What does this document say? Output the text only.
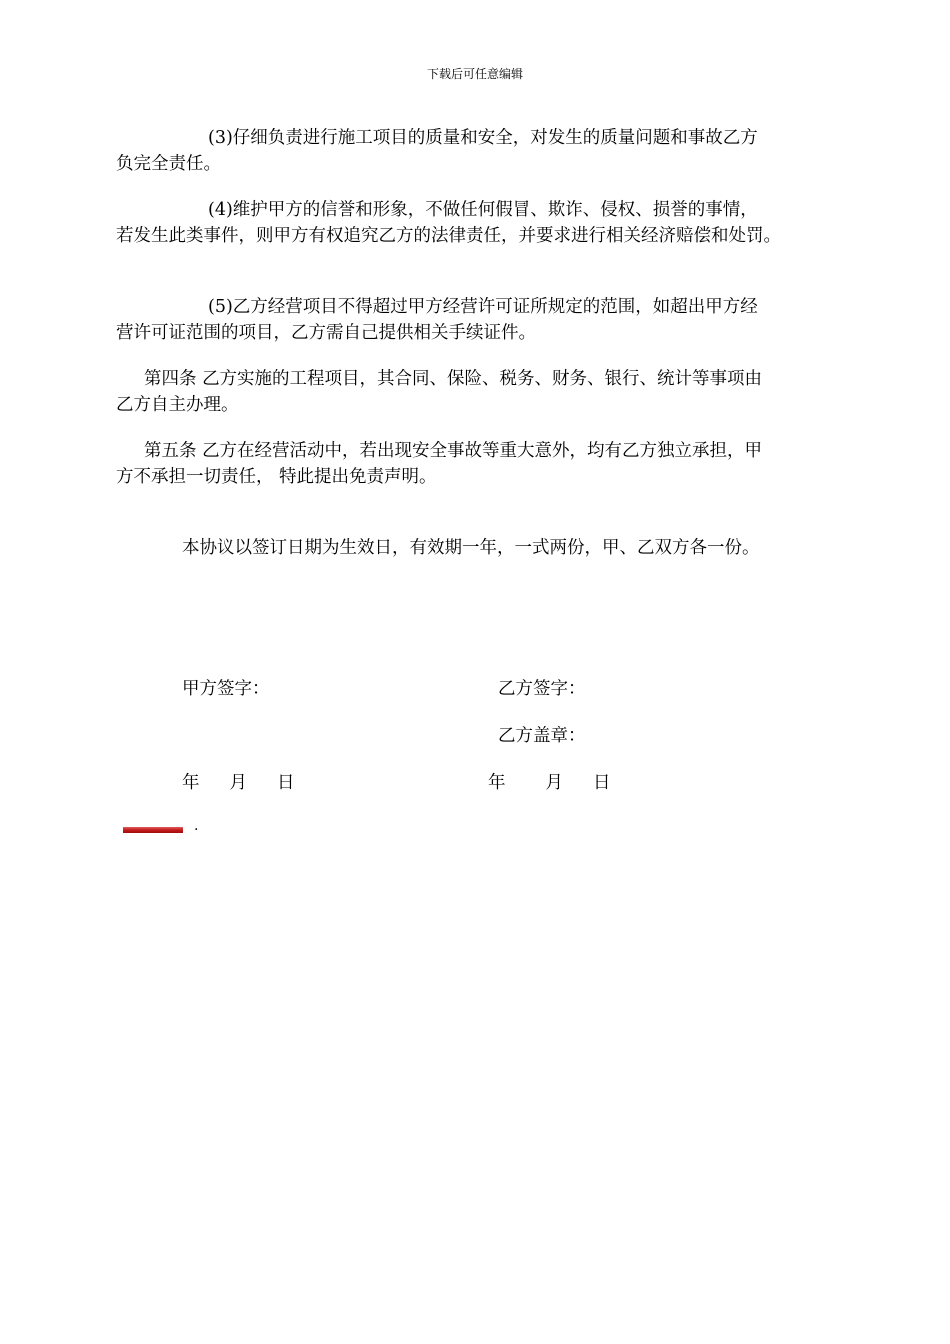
下载后可任意编辑

(3)仔细负责进行施工项目的质量和安全，对发生的质量问题和事故乙方
负完全责任。

(4)维护甲方的信誉和形象，不做任何假冒、欺诈、侵权、损誉的事情，
若发生此类事件，则甲方有权追究乙方的法律责任，并要求进行相关经济赔偿和处罚。

(5)乙方经营项目不得超过甲方经营许可证所规定的范围，如超出甲方经
营许可证范围的项目，乙方需自己提供相关手续证件。

第四条 乙方实施的工程项目，其合同、保险、税务、财务、银行、统计等事项由
乙方自主办理。

第五条 乙方在经营活动中，若出现安全事故等重大意外，均有乙方独立承担，甲
方不承担一切责任， 特此提出免责声明。

本协议以签订日期为生效日，有效期一年，一式两份，甲、乙双方各一份。

甲方签字：	乙方签字：
乙方盖章：
年 月 日	年 月 日
.
